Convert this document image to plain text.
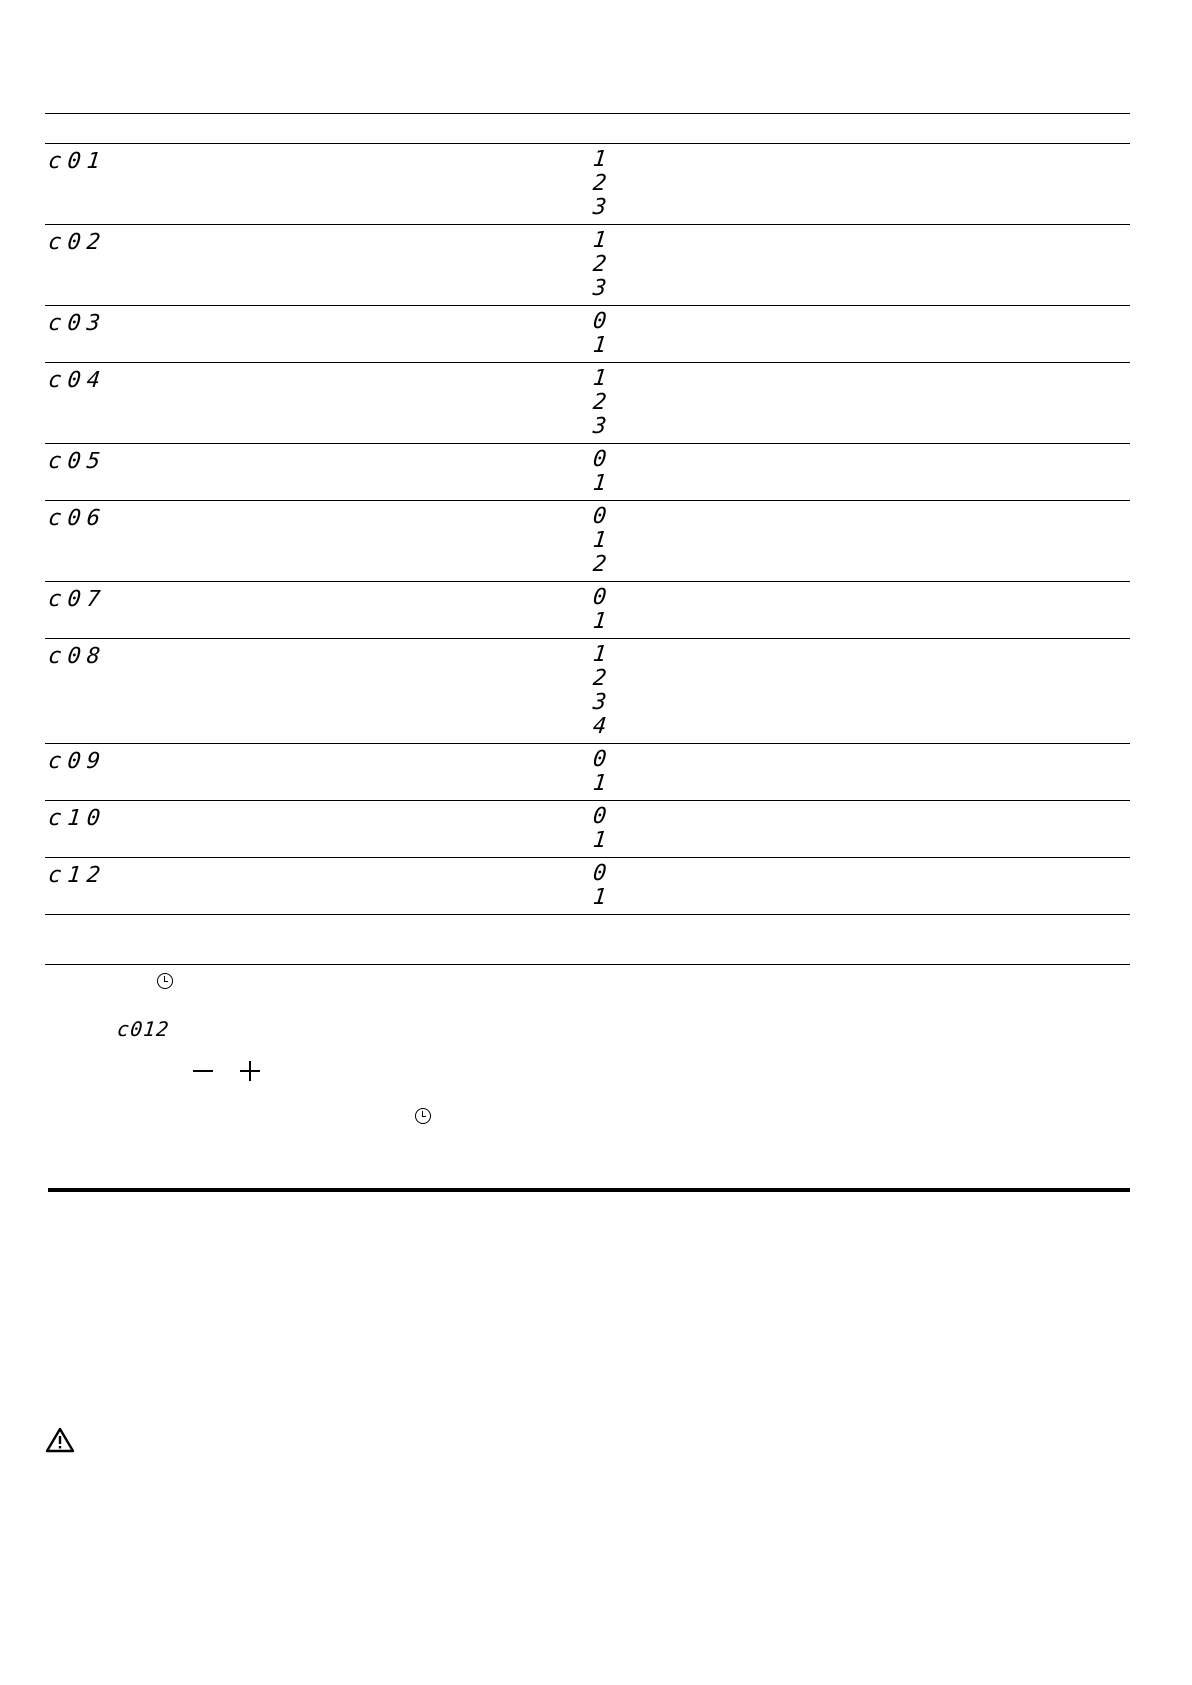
c01	1
2
3
c02	1
2
3
c03	0
1
c04	1
2
3
c05	0
1
c06	0
1
2
c07	0
1
c08	1
2
3
4
c09	0
1
c10	0
1
c12	0
1
c012
